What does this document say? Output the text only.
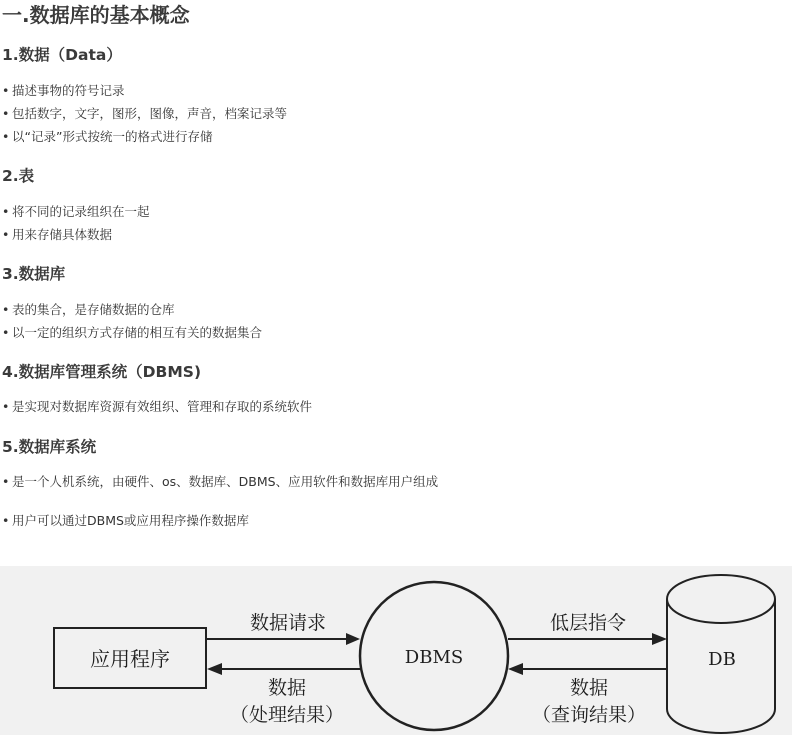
一.数据库的基本概念
1.数据（Data）
• 描述事物的符号记录
• 包括数字，文字，图形，图像，声音，档案记录等
• 以“记录”形式按统一的格式进行存储
2.表
• 将不同的记录组织在一起
• 用来存储具体数据
3.数据库
• 表的集合，是存储数据的仓库
• 以一定的组织方式存储的相互有关的数据集合
4.数据库管理系统（DBMS)
• 是实现对数据库资源有效组织、管理和存取的系统软件
5.数据库系统
• 是一个人机系统，由硬件、os、数据库、DBMS、应用软件和数据库用户组成
• 用户可以通过DBMS或应用程序操作数据库
应用程序	DBMS	DB
数据请求
数据
（处理结果）
低层指令
数据
（查询结果）
